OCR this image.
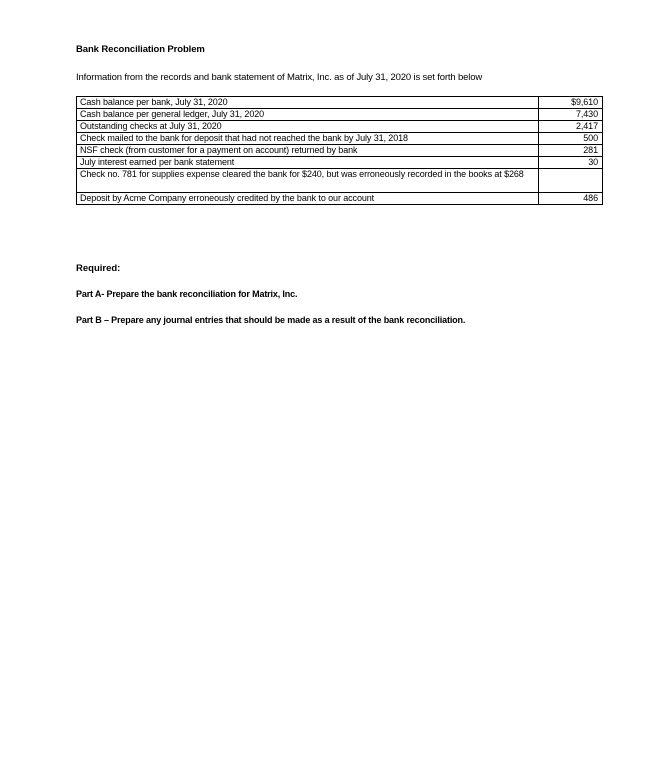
Bank Reconciliation Problem
Information from the records and bank statement of Matrix, Inc. as of July 31, 2020 is set forth below
Cash balance per bank, July 31, 2020	$9,610
Cash balance per general ledger, July 31, 2020	7,430
Outstanding checks at July 31, 2020	2,417
Check mailed to the bank for deposit that had not reached the bank by July 31, 2018	500
NSF check (from customer for a payment on account) returned by bank	281
July interest earned per bank statement	30
Check no. 781 for supplies expense cleared the bank for $240, but was erroneously recorded in the books at $268	
Deposit by Acme Company erroneously credited by the bank to our account	486
Required:
Part A- Prepare the bank reconciliation for Matrix, Inc.
Part B – Prepare any journal entries that should be made as a result of the bank reconciliation.
